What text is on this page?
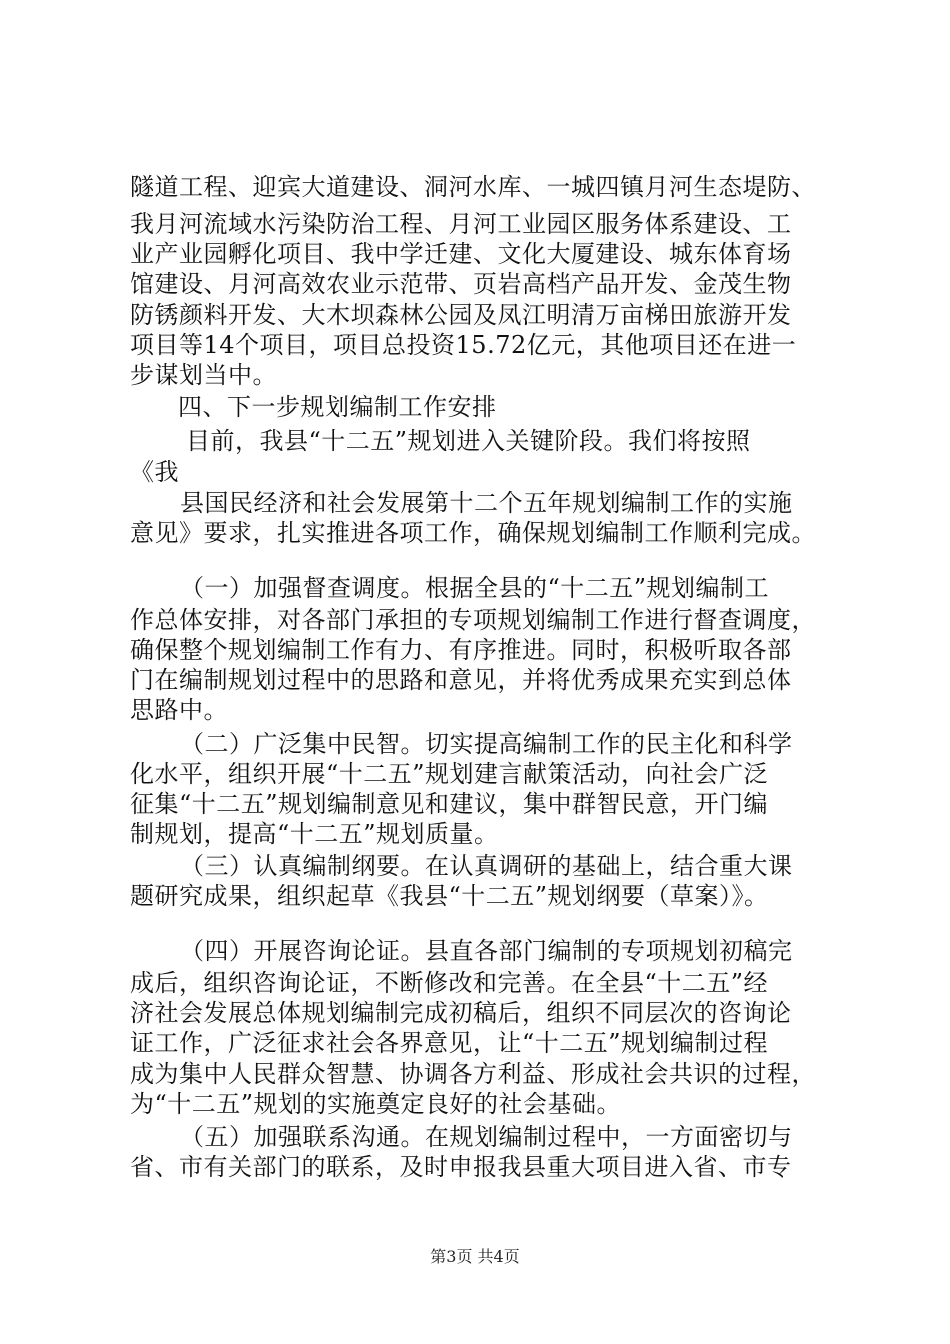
隧道工程、迎宾大道建设、洞河水库、一城四镇月河生态堤防、
我月河流域水污染防治工程、月河工业园区服务体系建设、工
业产业园孵化项目、我中学迁建、文化大厦建设、城东体育场
馆建设、月河高效农业示范带、页岩高档产品开发、金茂生物
防锈颜料开发、大木坝森林公园及凤江明清万亩梯田旅游开发
项目等14个项目，项目总投资15.72亿元，其他项目还在进一
步谋划当中。
四、下一步规划编制工作安排
目前，我县“十二五”规划进入关键阶段。我们将按照
《我
县国民经济和社会发展第十二个五年规划编制工作的实施
意见》要求，扎实推进各项工作，确保规划编制工作顺利完成。
（一）加强督查调度。根据全县的“十二五”规划编制工
作总体安排，对各部门承担的专项规划编制工作进行督查调度，
确保整个规划编制工作有力、有序推进。同时，积极听取各部
门在编制规划过程中的思路和意见，并将优秀成果充实到总体
思路中。
（二）广泛集中民智。切实提高编制工作的民主化和科学
化水平，组织开展“十二五”规划建言献策活动，向社会广泛
征集“十二五”规划编制意见和建议，集中群智民意，开门编
制规划，提高“十二五”规划质量。
（三）认真编制纲要。在认真调研的基础上，结合重大课
题研究成果，组织起草《我县“十二五”规划纲要（草案）》。
（四）开展咨询论证。县直各部门编制的专项规划初稿完
成后，组织咨询论证，不断修改和完善。在全县“十二五”经
济社会发展总体规划编制完成初稿后，组织不同层次的咨询论
证工作，广泛征求社会各界意见，让“十二五”规划编制过程
成为集中人民群众智慧、协调各方利益、形成社会共识的过程，
为“十二五”规划的实施奠定良好的社会基础。
（五）加强联系沟通。在规划编制过程中，一方面密切与
省、市有关部门的联系，及时申报我县重大项目进入省、市专
第3页 共4页
